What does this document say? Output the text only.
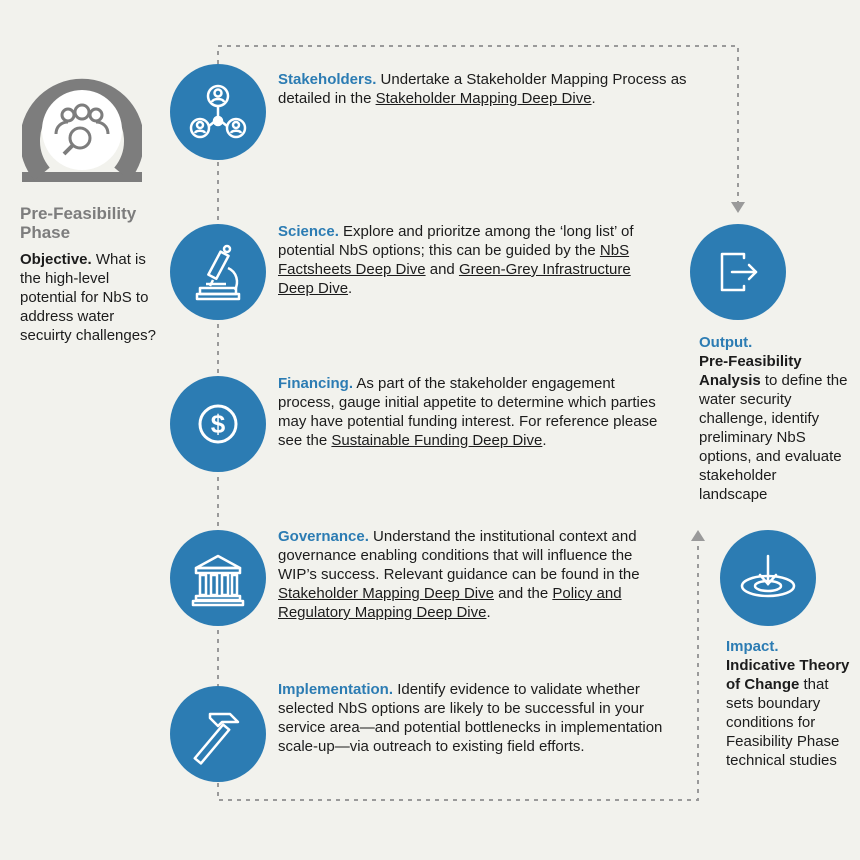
Pre-Feasibility Phase
Objective. What is the high-level potential for NbS to address water secuirty challenges?
Stakeholders. Undertake a Stakeholder Mapping Process as detailed in the Stakeholder Mapping Deep Dive.
Science. Explore and prioritze among the ‘long list’ of potential NbS options; this can be guided by the NbS Factsheets Deep Dive and Green-Grey Infrastructure Deep Dive.
$
Financing. As part of the stakeholder engagement process, gauge initial appetite to determine which parties may have potential funding interest. For reference please see the Sustainable Funding Deep Dive.
Governance. Understand the institutional context and governance enabling conditions that will influence the WIP’s success. Relevant guidance can be found in the Stakeholder Mapping Deep Dive and the Policy and Regulatory Mapping Deep Dive.
Implementation. Identify evidence to validate whether selected NbS options are likely to be successful in your service area—and potential bottlenecks in implementation scale-up—via outreach to existing field efforts.
Output.
Pre-Feasibility Analysis to define the water security challenge, identify preliminary NbS options, and evaluate stakeholder landscape
Impact.
Indicative Theory of Change that sets boundary conditions for Feasibility Phase technical studies
